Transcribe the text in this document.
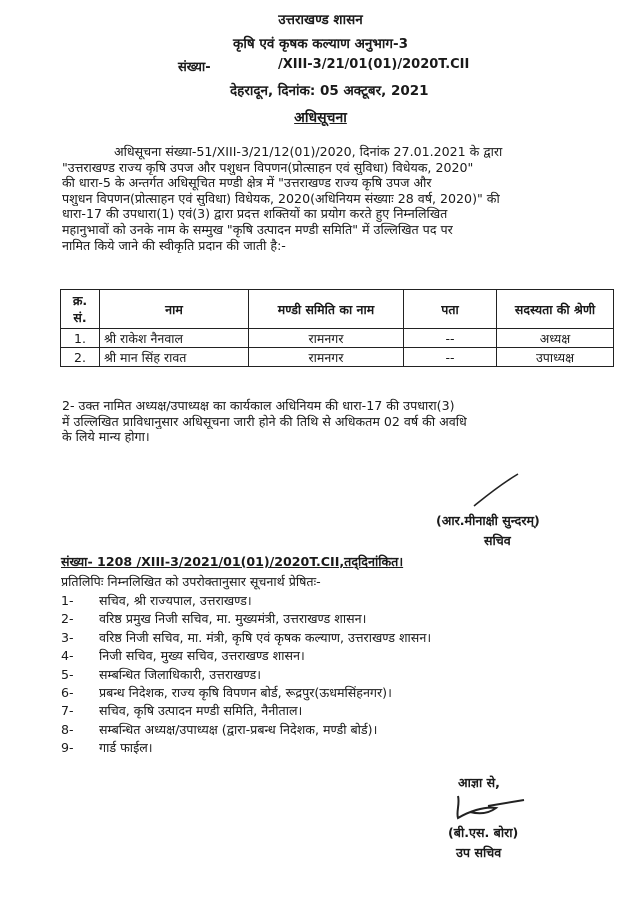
उत्तराखण्ड शासन
कृषि एवं कृषक कल्याण अनुभाग-3
संख्या-	/XIII-3/21/01(01)/2020T.CII
देहरादून, दिनांक: 05 अक्टूबर, 2021
अधिसूचना
अधिसूचना संख्या-51/XIII-3/21/12(01)/2020, दिनांक 27.01.2021 के द्वारा
"उत्तराखण्ड राज्य कृषि उपज और पशुधन विपणन(प्रोत्साहन एवं सुविधा) विधेयक, 2020"
की धारा-5 के अन्तर्गत अधिसूचित मण्डी क्षेत्र में "उत्तराखण्ड राज्य कृषि उपज और
पशुधन विपणन(प्रोत्साहन एवं सुविधा) विधेयक, 2020(अधिनियम संख्याः 28 वर्ष, 2020)" की
धारा-17 की उपधारा(1) एवं(3) द्वारा प्रदत्त शक्तियों का प्रयोग करते हुए निम्नलिखित
महानुभावों को उनके नाम के सम्मुख "कृषि उत्पादन मण्डी समिति" में उल्लिखित पद पर
नामित किये जाने की स्वीकृति प्रदान की जाती है:-
क्र. सं.	नाम	मण्डी समिति का नाम	पता	सदस्यता की श्रेणी
1.	श्री राकेश नैनवाल	रामनगर	--	अध्यक्ष
2.	श्री मान सिंह रावत	रामनगर	--	उपाध्यक्ष
2- उक्त नामित अध्यक्ष/उपाध्यक्ष का कार्यकाल अधिनियम की धारा-17 की उपधारा(3)
में उल्लिखित प्राविधानुसार अधिसूचना जारी होने की तिथि से अधिकतम 02 वर्ष की अवधि
के लिये मान्य होगा।
(आर.मीनाक्षी सुन्दरम्)
सचिव
संख्या- 1208 /XIII-3/2021/01(01)/2020T.CII,तद्‌दिनांकित।
प्रतिलिपिः निम्नलिखित को उपरोक्तानुसार सूचनार्थ प्रेषितः-
1-	सचिव, श्री राज्यपाल, उत्तराखण्ड।
2-	वरिष्ठ प्रमुख निजी सचिव, मा. मुख्यमंत्री, उत्तराखण्ड शासन।
3-	वरिष्ठ निजी सचिव, मा. मंत्री, कृषि एवं कृषक कल्याण, उत्तराखण्ड शासन।
4-	निजी सचिव, मुख्य सचिव, उत्तराखण्ड शासन।
5-	सम्बन्धित जिलाधिकारी, उत्तराखण्ड।
6-	प्रबन्ध निदेशक, राज्य कृषि विपणन बोर्ड, रूद्रपुर(ऊधमसिंहनगर)।
7-	सचिव, कृषि उत्पादन मण्डी समिति, नैनीताल।
8-	सम्बन्धित अध्यक्ष/उपाध्यक्ष (द्वारा-प्रबन्ध निदेशक, मण्डी बोर्ड)।
9-	गार्ड फाईल।
आज्ञा से,
(बी.एस. बोरा)
उप सचिव
